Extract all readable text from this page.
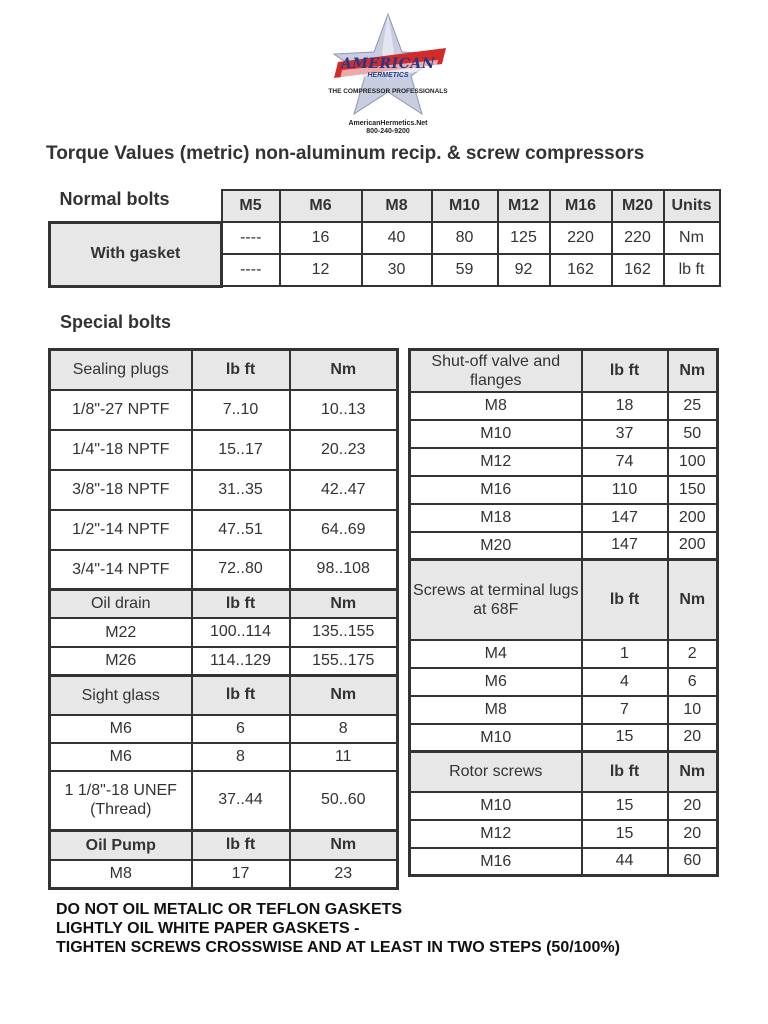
AMERICAN
HERMETICS
THE COMPRESSOR PROFESSIONALS
AmericanHermetics.Net
800-240-9200
Torque Values (metric) non-aluminum recip. & screw compressors
Normal bolts	M5	M6	M8	M10	M12	M16	M20	Units
With gasket	----	16	40	80	125	220	220	Nm
	----	12	30	59	92	162	162	lb ft
Special bolts
Sealing plugs	lb ft	Nm
1/8"-27 NPTF	7..10	10..13
1/4"-18 NPTF	15..17	20..23
3/8"-18 NPTF	31..35	42..47
1/2"-14 NPTF	47..51	64..69
3/4"-14 NPTF	72..80	98..108
Oil drain	lb ft	Nm
M22	100..114	135..155
M26	114..129	155..175
Sight glass	lb ft	Nm
M6	6	8
M6	8	11
1 1/8"-18 UNEF (Thread)	37..44	50..60
Oil Pump	lb ft	Nm
M8	17	23
Shut-off valve and flanges	lb ft	Nm
M8	18	25
M10	37	50
M12	74	100
M16	110	150
M18	147	200
M20	147	200
Screws at terminal lugs at 68F	lb ft	Nm
M4	1	2
M6	4	6
M8	7	10
M10	15	20
Rotor screws	lb ft	Nm
M10	15	20
M12	15	20
M16	44	60
DO NOT OIL METALIC OR TEFLON GASKETS
LIGHTLY OIL WHITE PAPER GASKETS -
TIGHTEN SCREWS CROSSWISE AND AT LEAST IN TWO STEPS (50/100%)
